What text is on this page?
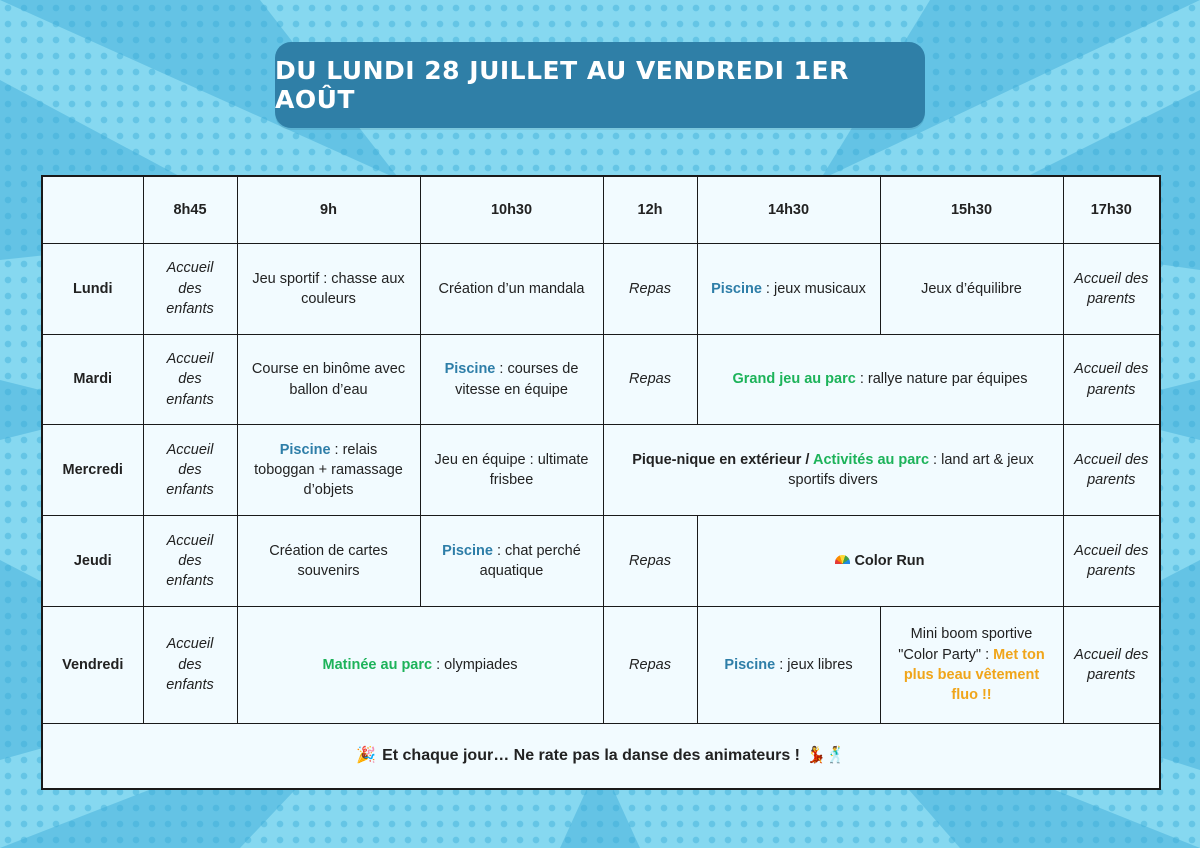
DU LUNDI 28 JUILLET AU VENDREDI 1ER AOÛT
	8h45	9h	10h30	12h	14h30	15h30	17h30
Lundi	Accueil des enfants	Jeu sportif : chasse aux couleurs	Création d’un mandala	Repas	Piscine : jeux musicaux	Jeux d’équilibre	Accueil des parents
Mardi	Accueil des enfants	Course en binôme avec ballon d’eau	Piscine : courses de vitesse en équipe	Repas	Grand jeu au parc : rallye nature par équipes		Accueil des parents
Mercredi	Accueil des enfants	Piscine : relais toboggan + ramassage d’objets	Jeu en équipe : ultimate frisbee	Pique-nique en extérieur / Activités au parc : land art & jeux sportifs divers			Accueil des parents
Jeudi	Accueil des enfants	Création de cartes souvenirs	Piscine : chat perché aquatique	Repas	Color Run		Accueil des parents
Vendredi	Accueil des enfants	Matinée au parc : olympiades		Repas	Piscine : jeux libres	Mini boom sportive "Color Party" : Met ton plus beau vêtement fluo !!	Accueil des parents
🎉 Et chaque jour… Ne rate pas la danse des animateurs ! 💃🕺							
